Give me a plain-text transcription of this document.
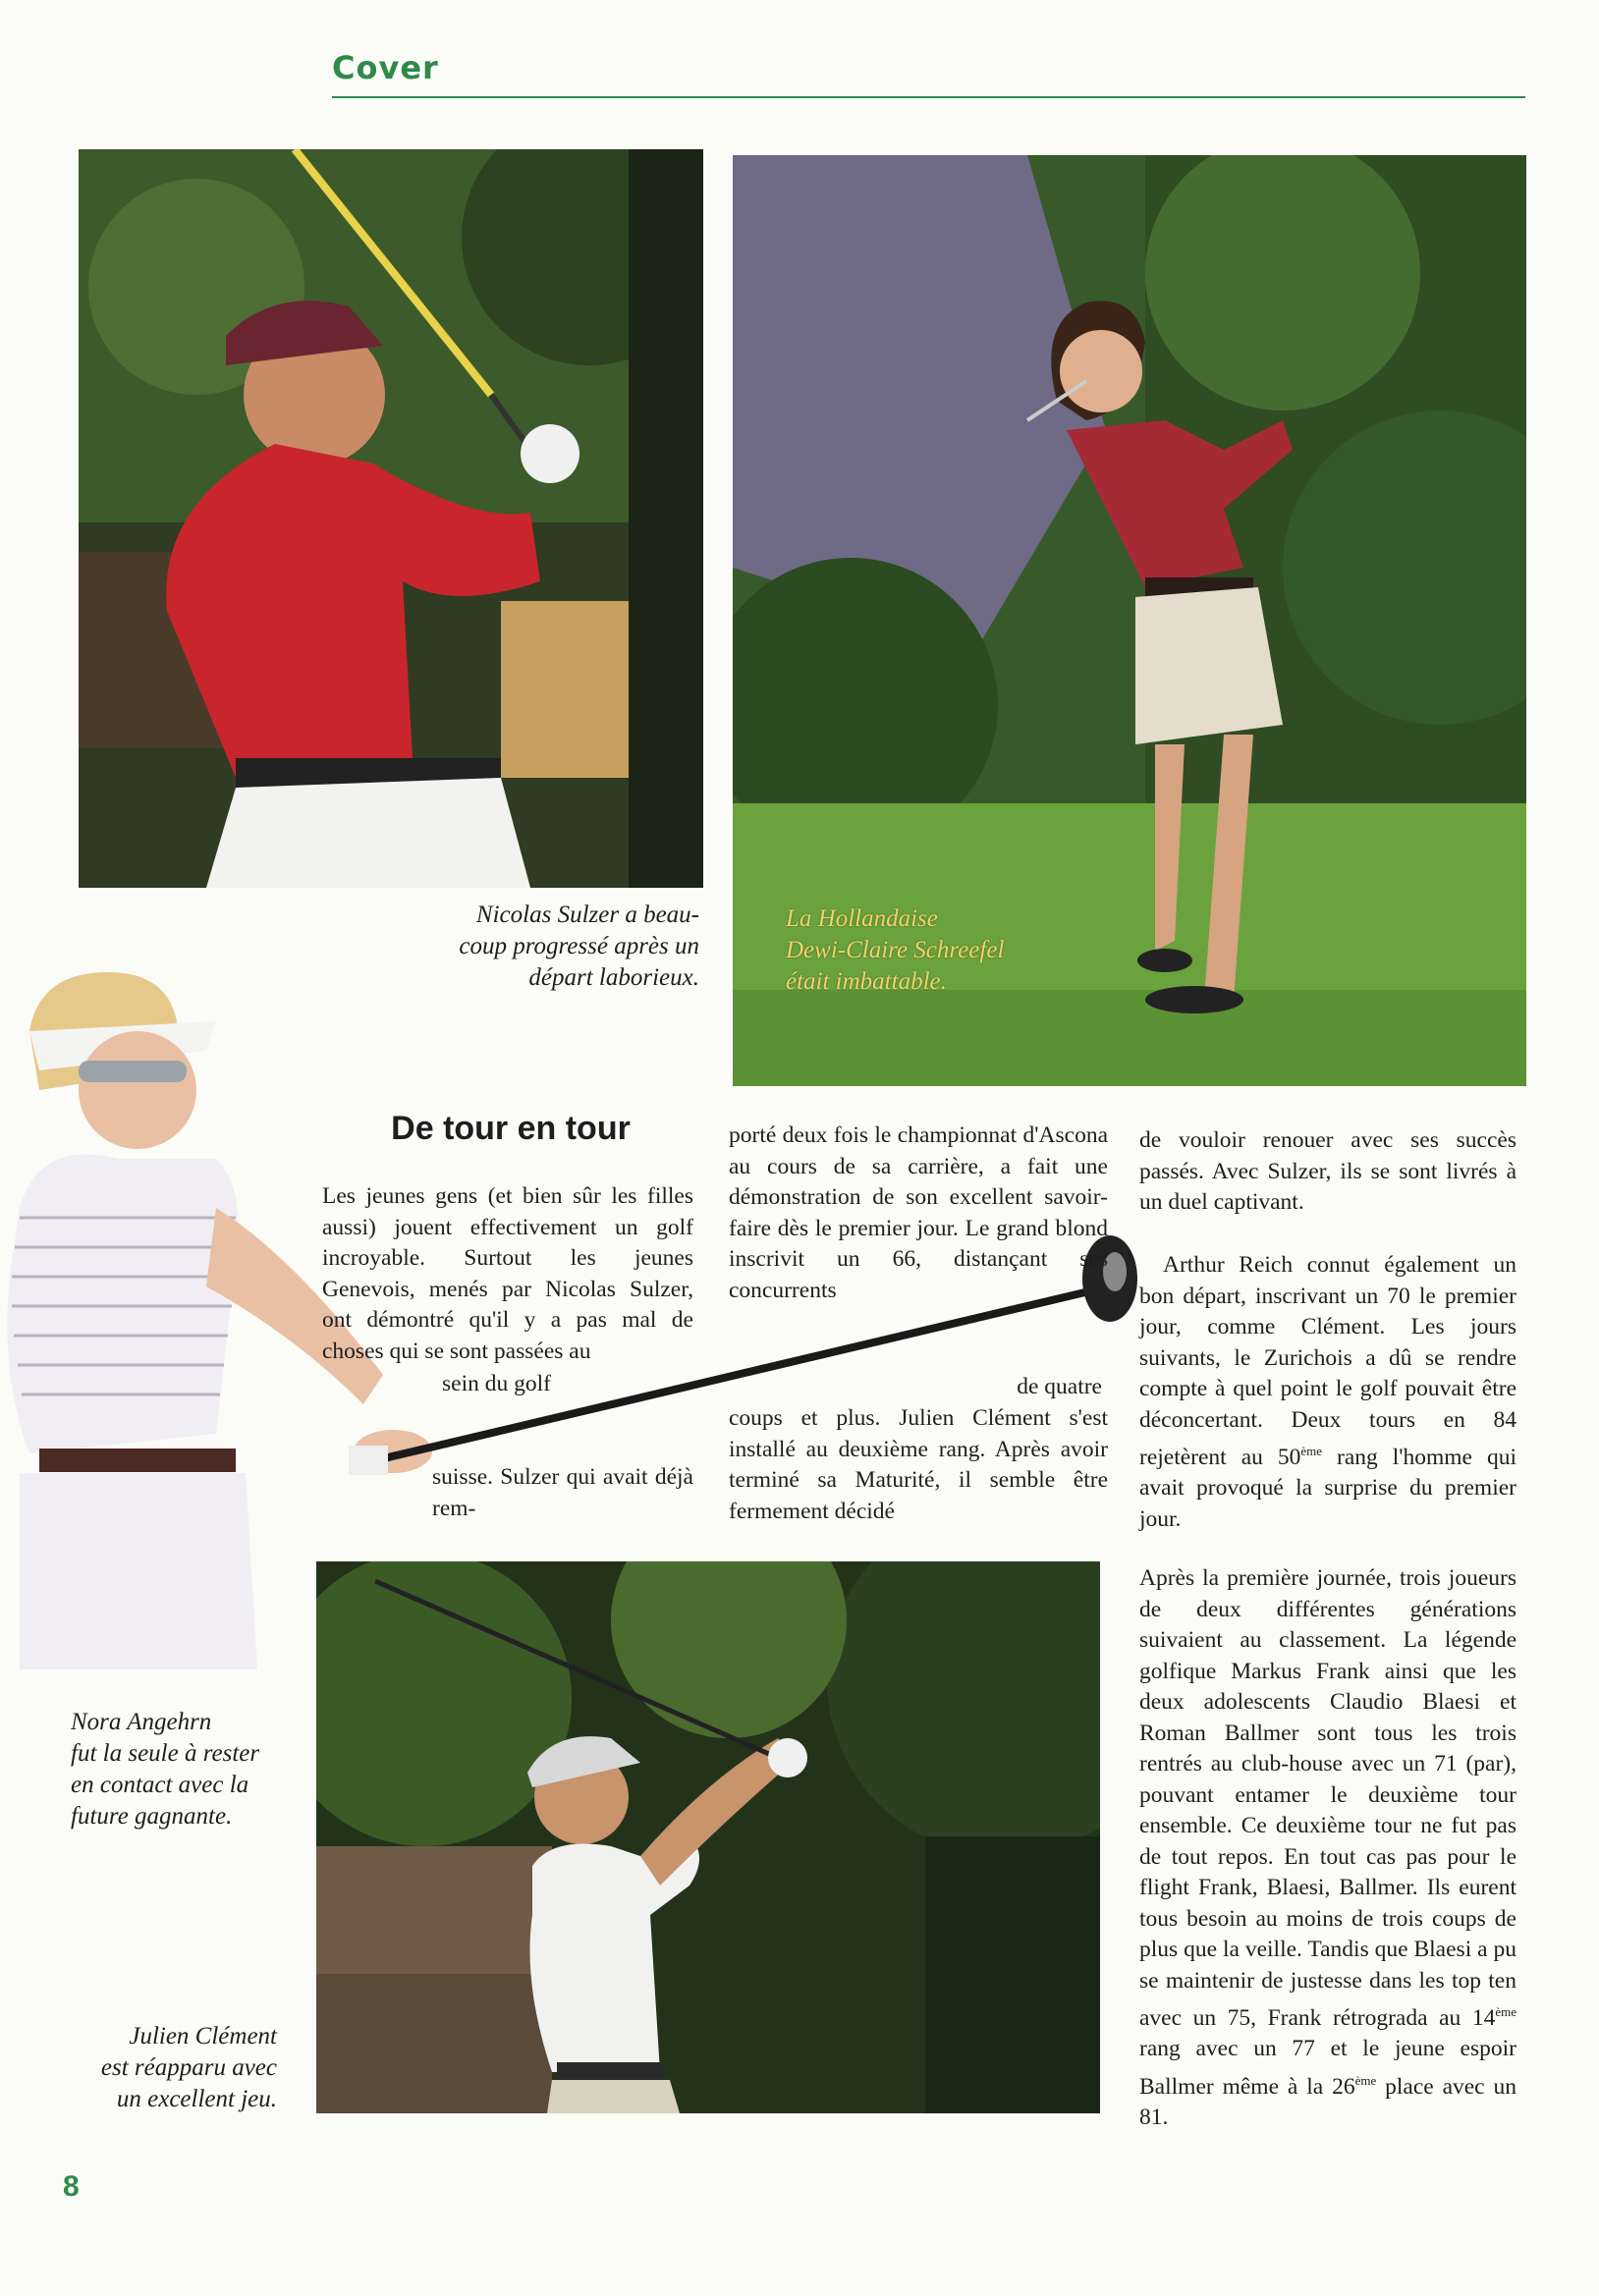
Cover
Nicolas Sulzer a beau-
coup progressé après un
départ laborieux.
La Hollandaise
Dewi-Claire Schreefel
était imbattable.
Nora Angehrn
fut la seule à rester
en contact avec la
future gagnante.
Julien Clément
est réapparu avec
un excellent jeu.
De tour en tour

Les jeunes gens (et bien sûr les filles aussi) jouent effectivement un golf incroyable. Surtout les jeunes Genevois, menés par Nicolas Sulzer, ont démontré qu'il y a pas mal de choses qui se sont passées au

sein du golf

suisse. Sulzer qui avait déjà rem-

porté deux fois le championnat d'Ascona au cours de sa carrière, a fait une démonstration de son excellent savoir-faire dès le premier jour. Le grand blond inscrivit un 66, distançant ses concurrents

de quatre

coups et plus. Julien Clément s'est installé au deuxième rang. Après avoir terminé sa Maturité, il semble être fermement décidé

de vouloir renouer avec ses succès passés. Avec Sulzer, ils se sont livrés à un duel captivant.

Arthur Reich connut également un bon départ, inscrivant un 70 le premier jour, comme Clément. Les jours suivants, le Zurichois a dû se rendre compte à quel point le golf pouvait être déconcertant. Deux tours en 84 rejetèrent au 50ème rang l'homme qui avait provoqué la surprise du premier jour.

Après la première journée, trois joueurs de deux différentes générations suivaient au classement. La légende golfique Markus Frank ainsi que les deux adolescents Claudio Blaesi et Roman Ballmer sont tous les trois rentrés au club-house avec un 71 (par), pouvant entamer le deuxième tour ensemble. Ce deuxième tour ne fut pas de tout repos. En tout cas pas pour le flight Frank, Blaesi, Ballmer. Ils eurent tous besoin au moins de trois coups de plus que la veille. Tandis que Blaesi a pu se maintenir de justesse dans les top ten avec un 75, Frank rétrograda au 14ème rang avec un 77 et le jeune espoir Ballmer même à la 26ème place avec un 81.

8
